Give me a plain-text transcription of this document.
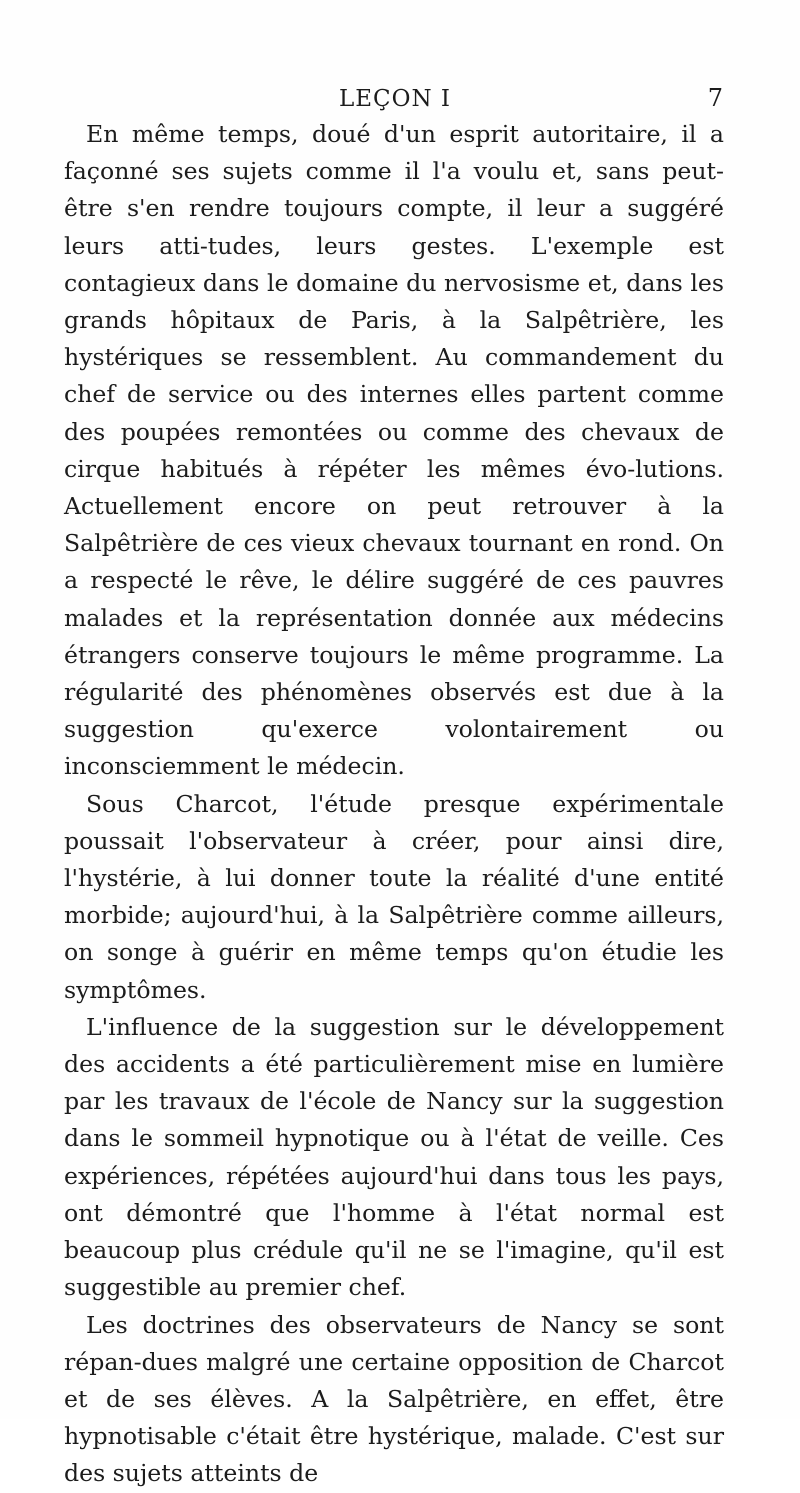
LEÇON I	7

En même temps, doué d'un esprit autoritaire, il a façonné ses sujets comme il l'a voulu et, sans peut-être s'en rendre toujours compte, il leur a suggéré leurs atti-tudes, leurs gestes. L'exemple est contagieux dans le domaine du nervosisme et, dans les grands hôpitaux de Paris, à la Salpêtrière, les hystériques se ressemblent. Au commandement du chef de service ou des internes elles partent comme des poupées remontées ou comme des chevaux de cirque habitués à répéter les mêmes évo-lutions. Actuellement encore on peut retrouver à la Salpêtrière de ces vieux chevaux tournant en rond. On a respecté le rêve, le délire suggéré de ces pauvres malades et la représentation donnée aux médecins étrangers conserve toujours le même programme. La régularité des phénomènes observés est due à la suggestion qu'exerce volontairement ou inconsciemment le médecin.

Sous Charcot, l'étude presque expérimentale poussait l'observateur à créer, pour ainsi dire, l'hystérie, à lui donner toute la réalité d'une entité morbide; aujourd'hui, à la Salpêtrière comme ailleurs, on songe à guérir en même temps qu'on étudie les symptômes.

L'influence de la suggestion sur le développement des accidents a été particulièrement mise en lumière par les travaux de l'école de Nancy sur la suggestion dans le sommeil hypnotique ou à l'état de veille. Ces expériences, répétées aujourd'hui dans tous les pays, ont démontré que l'homme à l'état normal est beaucoup plus crédule qu'il ne se l'imagine, qu'il est suggestible au premier chef.

Les doctrines des observateurs de Nancy se sont répan-dues malgré une certaine opposition de Charcot et de ses élèves. A la Salpêtrière, en effet, être hypnotisable c'était être hystérique, malade. C'est sur des sujets atteints de
